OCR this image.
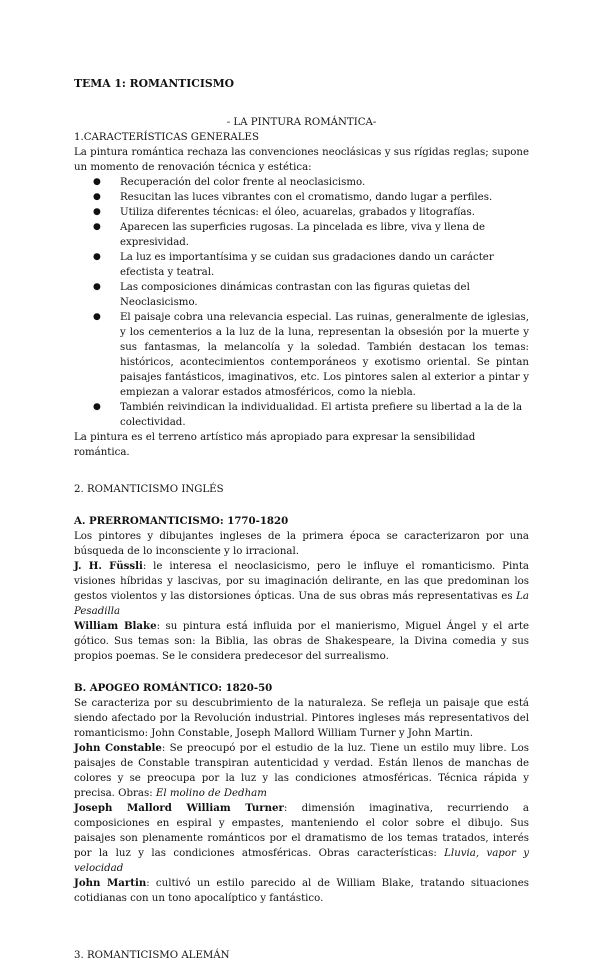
TEMA 1: ROMANTICISMO
- LA PINTURA ROMÁNTICA-
1.CARACTERÍSTICAS GENERALES
La pintura romántica rechaza las convenciones neoclásicas y sus rígidas reglas; supone un momento de renovación técnica y estética:
● Recuperación del color frente al neoclasicismo.
● Resucitan las luces vibrantes con el cromatismo, dando lugar a perfiles.
● Utiliza diferentes técnicas: el óleo, acuarelas, grabados y litografías.
● Aparecen las superficies rugosas. La pincelada es libre, viva y llena de expresividad.
● La luz es importantísima y se cuidan sus gradaciones dando un carácter efectista y teatral.
● Las composiciones dinámicas contrastan con las figuras quietas del Neoclasicismo.
● El paisaje cobra una relevancia especial. Las ruinas, generalmente de iglesias, y los cementerios a la luz de la luna, representan la obsesión por la muerte y sus fantasmas, la melancolía y la soledad. También destacan los temas: históricos, acontecimientos contemporáneos y exotismo oriental. Se pintan paisajes fantásticos, imaginativos, etc. Los pintores salen al exterior a pintar y empiezan a valorar estados atmosféricos, como la niebla.
● También reivindican la individualidad. El artista prefiere su libertad a la de la colectividad.
La pintura es el terreno artístico más apropiado para expresar la sensibilidad romántica.
2. ROMANTICISMO INGLÉS
A. PRERROMANTICISMO: 1770-1820
Los pintores y dibujantes ingleses de la primera época se caracterizaron por una búsqueda de lo inconsciente y lo irracional.
J. H. Füssli: le interesa el neoclasicismo, pero le influye el romanticismo. Pinta visiones híbridas y lascivas, por su imaginación delirante, en las que predominan los gestos violentos y las distorsiones ópticas. Una de sus obras más representativas es La Pesadilla
William Blake: su pintura está influida por el manierismo, Miguel Ángel y el arte gótico. Sus temas son: la Biblia, las obras de Shakespeare, la Divina comedia y sus propios poemas. Se le considera predecesor del surrealismo.
B. APOGEO ROMÁNTICO: 1820-50
Se caracteriza por su descubrimiento de la naturaleza. Se refleja un paisaje que está siendo afectado por la Revolución industrial. Pintores ingleses más representativos del romanticismo: John Constable, Joseph Mallord William Turner y John Martin.
John Constable: Se preocupó por el estudio de la luz. Tiene un estilo muy libre. Los paisajes de Constable transpiran autenticidad y verdad. Están llenos de manchas de colores y se preocupa por la luz y las condiciones atmosféricas. Técnica rápida y precisa. Obras: El molino de Dedham
Joseph Mallord William Turner: dimensión imaginativa, recurriendo a composiciones en espiral y empastes, manteniendo el color sobre el dibujo. Sus paisajes son plenamente románticos por el dramatismo de los temas tratados, interés por la luz y las condiciones atmosféricas. Obras características: Lluvia, vapor y velocidad
John Martin: cultivó un estilo parecido al de William Blake, tratando situaciones cotidianas con un tono apocalíptico y fantástico.
3. ROMANTICISMO ALEMÁN
